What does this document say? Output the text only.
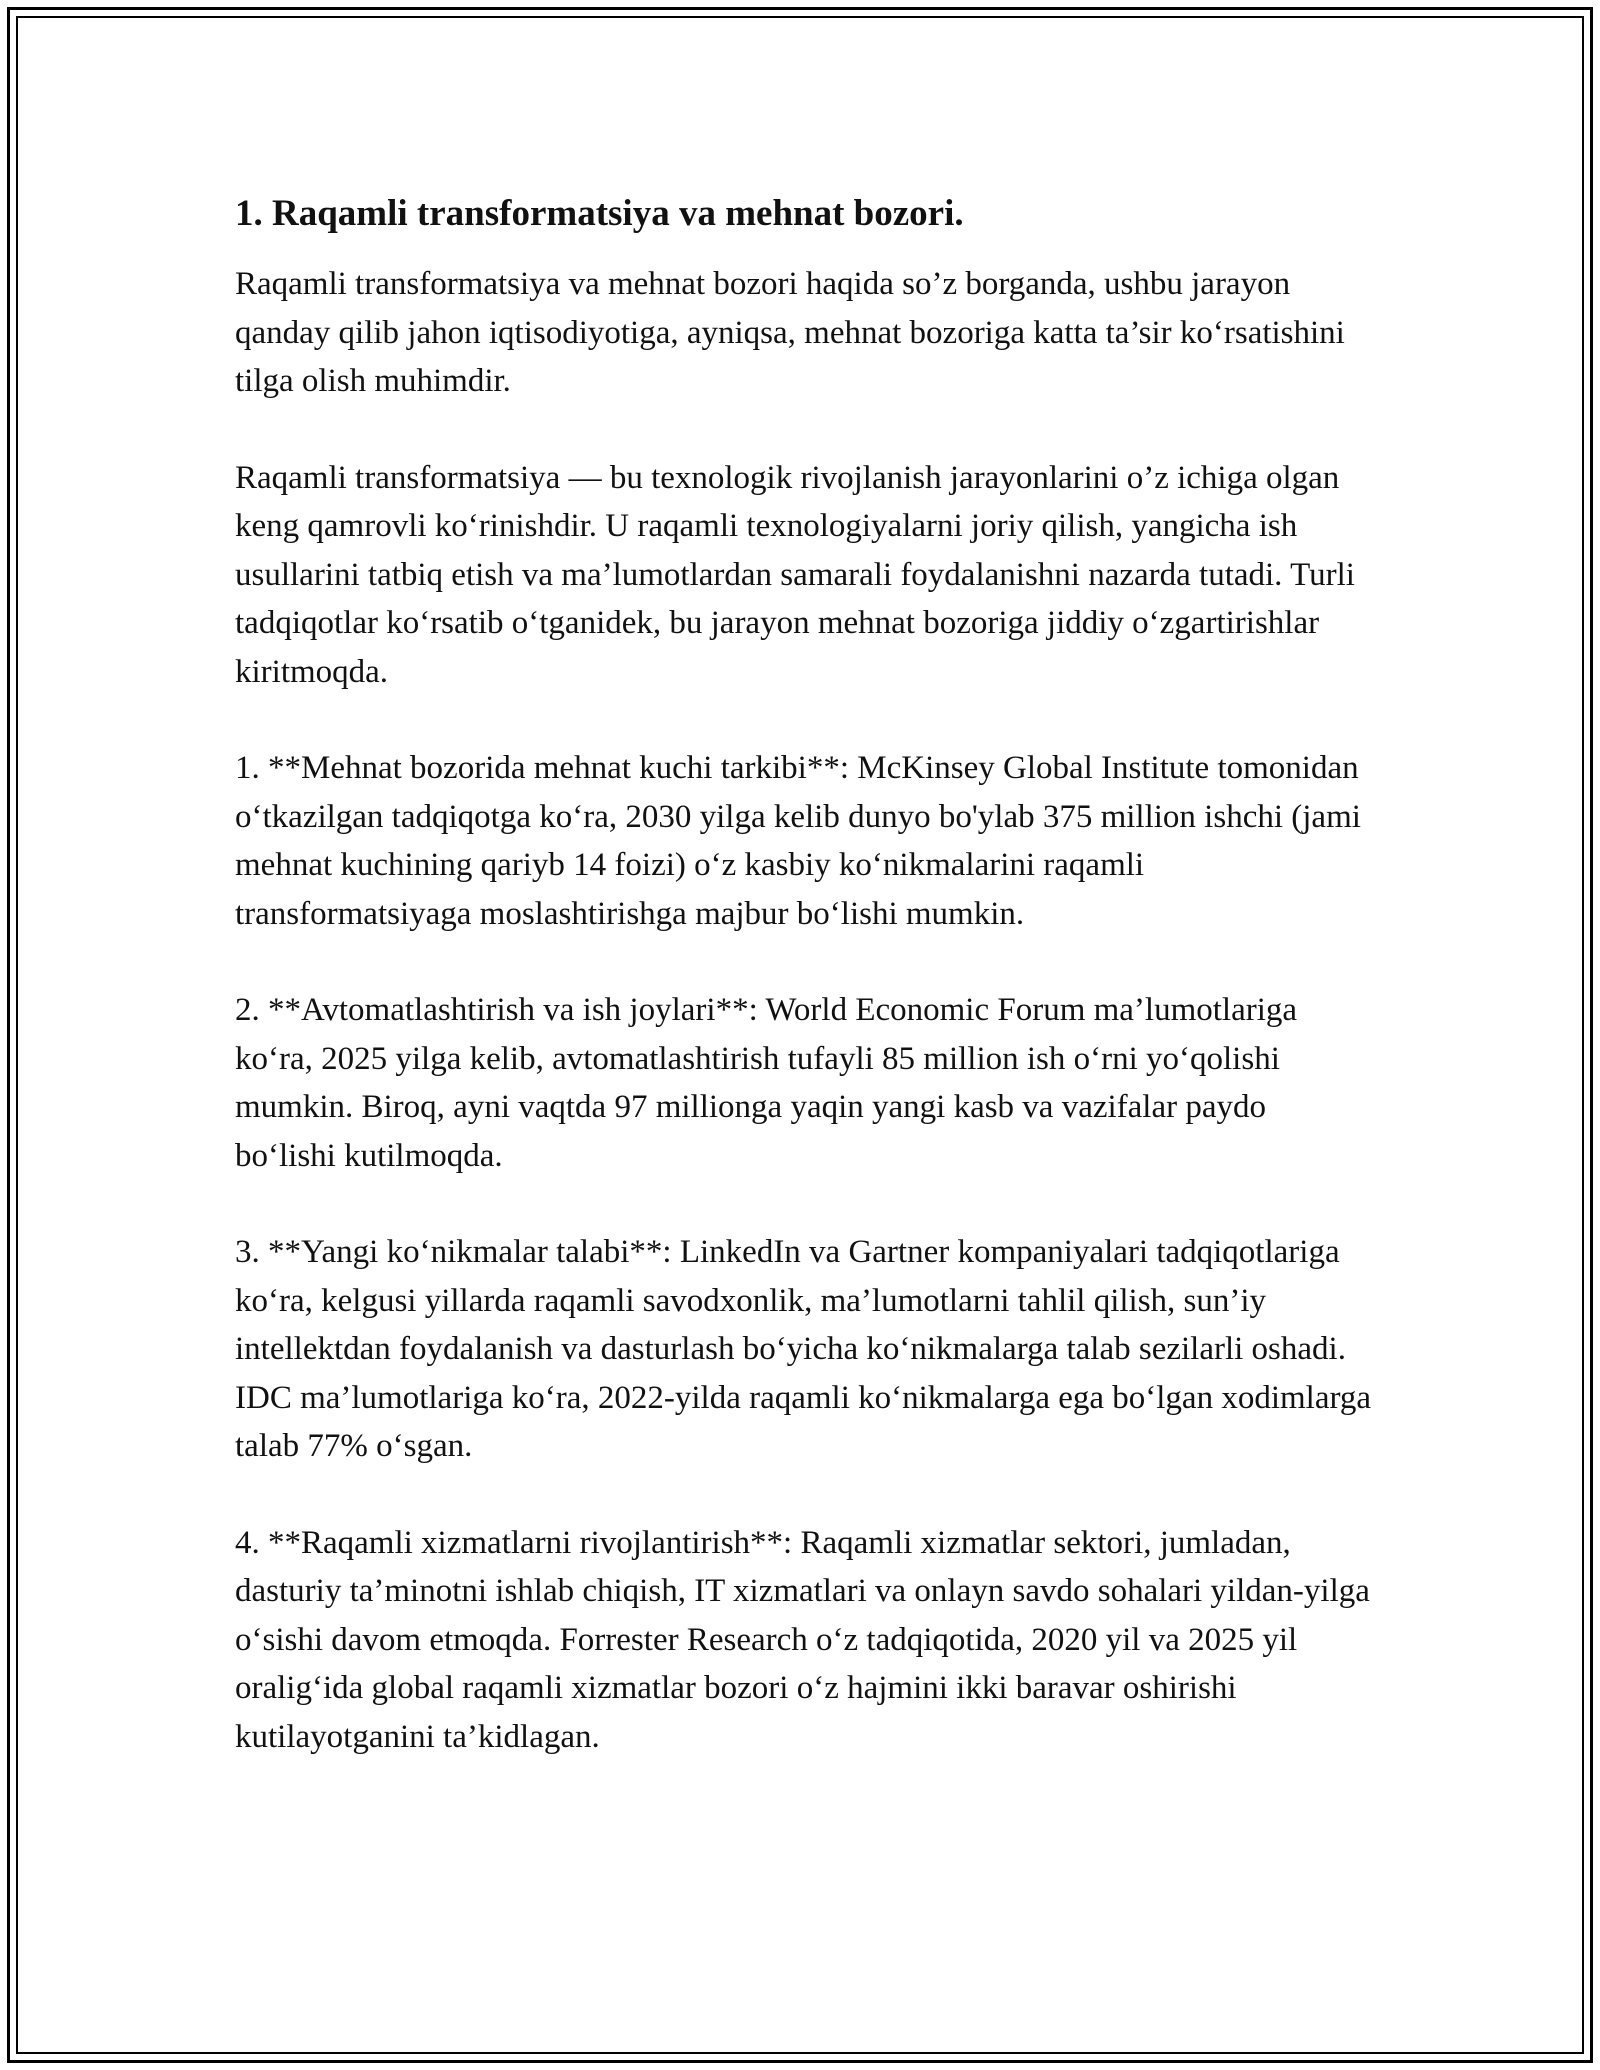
1. Raqamli transformatsiya va mehnat bozori.

Raqamli transformatsiya va mehnat bozori haqida so’z borganda, ushbu jarayon qanday qilib jahon iqtisodiyotiga, ayniqsa, mehnat bozoriga katta ta’sir koʻrsatishini tilga olish muhimdir.

Raqamli transformatsiya — bu texnologik rivojlanish jarayonlarini o’z ichiga olgan keng qamrovli koʻrinishdir. U raqamli texnologiyalarni joriy qilish, yangicha ish usullarini tatbiq etish va ma’lumotlardan samarali foydalanishni nazarda tutadi. Turli tadqiqotlar koʻrsatib oʻtganidek, bu jarayon mehnat bozoriga jiddiy oʻzgartirishlar kiritmoqda.

1. **Mehnat bozorida mehnat kuchi tarkibi**: McKinsey Global Institute tomonidan oʻtkazilgan tadqiqotga koʻra, 2030 yilga kelib dunyo bo'ylab 375 million ishchi (jami mehnat kuchining qariyb 14 foizi) oʻz kasbiy koʻnikmalarini raqamli transformatsiyaga moslashtirishga majbur boʻlishi mumkin.

2. **Avtomatlashtirish va ish joylari**: World Economic Forum ma’lumotlariga koʻra, 2025 yilga kelib, avtomatlashtirish tufayli 85 million ish oʻrni yoʻqolishi mumkin. Biroq, ayni vaqtda 97 millionga yaqin yangi kasb va vazifalar paydo boʻlishi kutilmoqda.

3. **Yangi koʻnikmalar talabi**: LinkedIn va Gartner kompaniyalari tadqiqotlariga koʻra, kelgusi yillarda raqamli savodxonlik, ma’lumotlarni tahlil qilish, sun’iy intellektdan foydalanish va dasturlash boʻyicha koʻnikmalarga talab sezilarli oshadi. IDC ma’lumotlariga koʻra, 2022-yilda raqamli koʻnikmalarga ega boʻlgan xodimlarga talab 77% oʻsgan.

4. **Raqamli xizmatlarni rivojlantirish**: Raqamli xizmatlar sektori, jumladan, dasturiy ta’minotni ishlab chiqish, IT xizmatlari va onlayn savdo sohalari yildan-yilga oʻsishi davom etmoqda. Forrester Research oʻz tadqiqotida, 2020 yil va 2025 yil oraligʻida global raqamli xizmatlar bozori oʻz hajmini ikki baravar oshirishi kutilayotganini ta’kidlagan.
